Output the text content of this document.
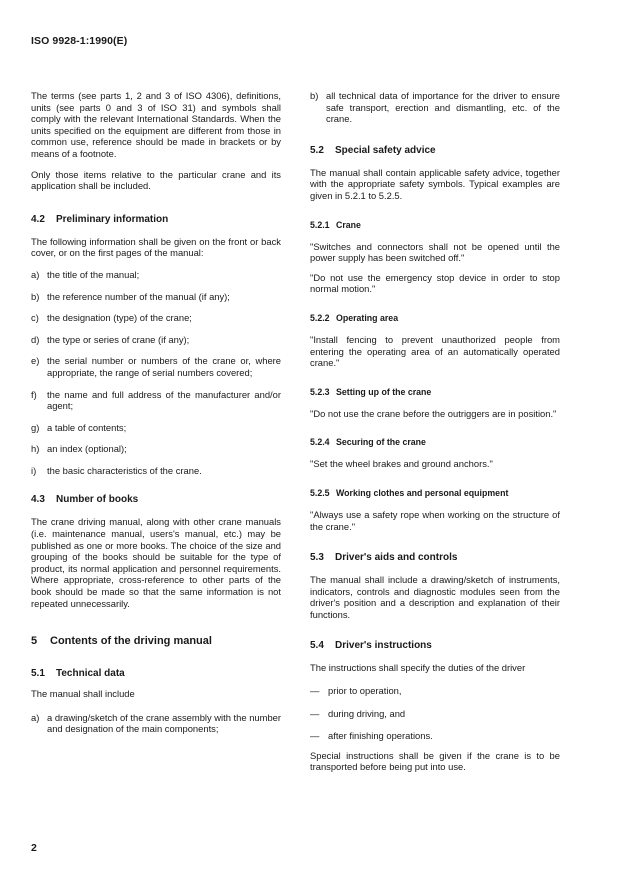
ISO 9928-1:1990(E)

The terms (see parts 1, 2 and 3 of ISO 4306), definitions, units (see parts 0 and 3 of ISO 31) and symbols shall comply with the relevant International Standards. When the units specified on the equipment are different from those in common use, reference should be made in brackets or by means of a footnote.

Only those items relative to the particular crane and its application shall be included.

4.2 Preliminary information

The following information shall be given on the front or back cover, or on the first pages of the manual:

a) the title of the manual;
b) the reference number of the manual (if any);
c) the designation (type) of the crane;
d) the type or series of crane (if any);
e) the serial number or numbers of the crane or, where appropriate, the range of serial numbers covered;
f)	the name and full address of the manufacturer and/or agent;
g) a table of contents;
h) an index (optional);
i)	the basic characteristics of the crane.
4.3 Number of books

The crane driving manual, along with other crane manuals (i.e. maintenance manual, users's manual, etc.) may be published as one or more books. The choice of the size and grouping of the books should be suitable for the type of product, its normal application and personnel requirements. Where appropriate, cross-reference to other parts of the book should be made so that the same information is not repeated unnecessarily.

5 Contents of the driving manual
5.1 Technical data

The manual shall include

a) a drawing/sketch of the crane assembly with the number and designation of the main components;
b) all technical data of importance for the driver to ensure safe transport, erection and dismantling, etc. of the crane.
5.2 Special safety advice

The manual shall contain applicable safety advice, together with the appropriate safety symbols. Typical examples are given in 5.2.1 to 5.2.5.

5.2.1 Crane

"Switches and connectors shall not be opened until the power supply has been switched off."

"Do not use the emergency stop device in order to stop normal motion."

5.2.2 Operating area

"Install fencing to prevent unauthorized people from entering the operating area of an automatically operated crane."

5.2.3 Setting up of the crane

"Do not use the crane before the outriggers are in position."

5.2.4 Securing of the crane

"Set the wheel brakes and ground anchors."

5.2.5 Working clothes and personal equipment

"Always use a safety rope when working on the structure of the crane."

5.3 Driver's aids and controls

The manual shall include a drawing/sketch of instruments, indicators, controls and diagnostic modules seen from the driver's position and a description and explanation of their functions.

5.4 Driver's instructions

The instructions shall specify the duties of the driver

— prior to operation,
— during driving, and
— after finishing operations.

Special instructions shall be given if the crane is to be transported before being put into use.

2
